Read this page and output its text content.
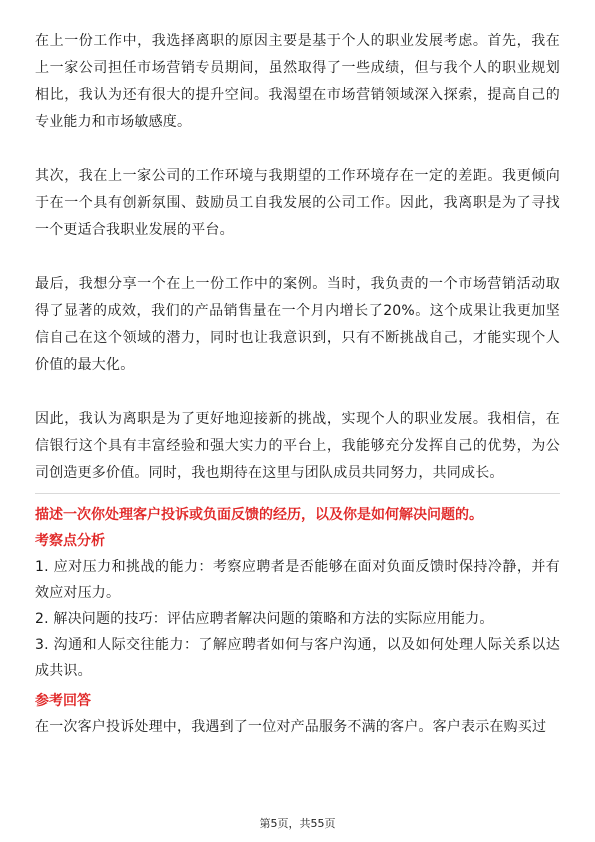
在上一份工作中，我选择离职的原因主要是基于个人的职业发展考虑。首先，我在上一家公司担任市场营销专员期间，虽然取得了一些成绩，但与我个人的职业规划相比，我认为还有很大的提升空间。我渴望在市场营销领域深入探索，提高自己的专业能力和市场敏感度。

其次，我在上一家公司的工作环境与我期望的工作环境存在一定的差距。我更倾向于在一个具有创新氛围、鼓励员工自我发展的公司工作。因此，我离职是为了寻找一个更适合我职业发展的平台。

最后，我想分享一个在上一份工作中的案例。当时，我负责的一个市场营销活动取得了显著的成效，我们的产品销售量在一个月内增长了20%。这个成果让我更加坚信自己在这个领域的潜力，同时也让我意识到，只有不断挑战自己，才能实现个人价值的最大化。

因此，我认为离职是为了更好地迎接新的挑战，实现个人的职业发展。我相信，在信银行这个具有丰富经验和强大实力的平台上，我能够充分发挥自己的优势，为公司创造更多价值。同时，我也期待在这里与团队成员共同努力，共同成长。

描述一次你处理客户投诉或负面反馈的经历，以及你是如何解决问题的。

考察点分析

1. 应对压力和挑战的能力：考察应聘者是否能够在面对负面反馈时保持冷静，并有效应对压力。

2. 解决问题的技巧：评估应聘者解决问题的策略和方法的实际应用能力。

3. 沟通和人际交往能力：了解应聘者如何与客户沟通，以及如何处理人际关系以达成共识。

参考回答

在一次客户投诉处理中，我遇到了一位对产品服务不满的客户。客户表示在购买过

第5页，共55页
